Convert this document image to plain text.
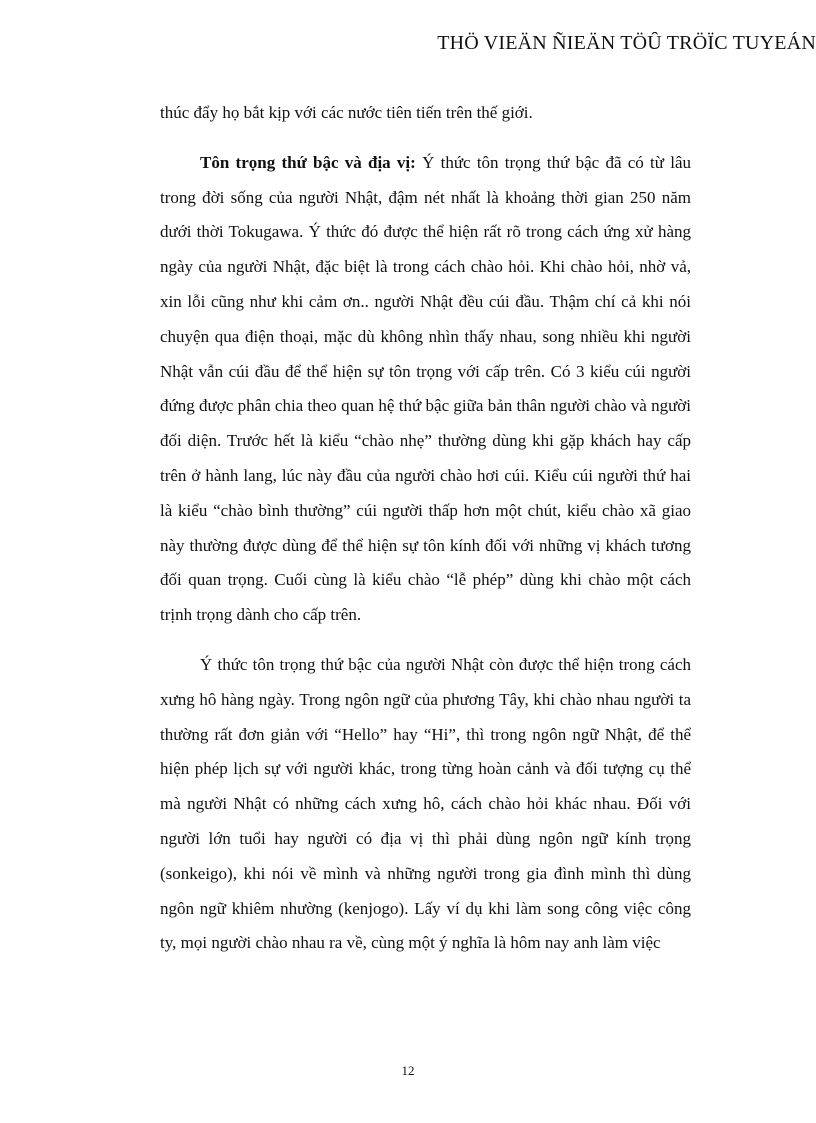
THÖ VIEÄN ÑIEÄN TÖÛ TRÖÏC TUYEÁN

thúc đẩy họ bắt kịp với các nước tiên tiến trên thế giới.

Tôn trọng thứ bậc và địa vị: Ý thức tôn trọng thứ bậc đã có từ lâu trong đời sống của người Nhật, đậm nét nhất là khoảng thời gian 250 năm dưới thời Tokugawa. Ý thức đó được thể hiện rất rõ trong cách ứng xử hàng ngày của người Nhật, đặc biệt là trong cách chào hỏi. Khi chào hỏi, nhờ vả, xin lỗi cũng như khi cảm ơn.. người Nhật đều cúi đầu. Thậm chí cả khi nói chuyện qua điện thoại, mặc dù không nhìn thấy nhau, song nhiều khi người Nhật vẫn cúi đầu để thể hiện sự tôn trọng với cấp trên. Có 3 kiểu cúi người đứng được phân chia theo quan hệ thứ bậc giữa bản thân người chào và người đối diện. Trước hết là kiểu “chào nhẹ” thường dùng khi gặp khách hay cấp trên ở hành lang, lúc này đầu của người chào hơi cúi. Kiểu cúi người thứ hai là kiểu “chào bình thường” cúi người thấp hơn một chút, kiểu chào xã giao này thường được dùng để thể hiện sự tôn kính đối với những vị khách tương đối quan trọng. Cuối cùng là kiểu chào “lễ phép” dùng khi chào một cách trịnh trọng dành cho cấp trên.

Ý thức tôn trọng thứ bậc của người Nhật còn được thể hiện trong cách xưng hô hàng ngày. Trong ngôn ngữ của phương Tây, khi chào nhau người ta thường rất đơn giản với “Hello” hay “Hi”, thì trong ngôn ngữ Nhật, để thể hiện phép lịch sự với người khác, trong từng hoàn cảnh và đối tượng cụ thể mà người Nhật có những cách xưng hô, cách chào hỏi khác nhau. Đối với người lớn tuổi hay người có địa vị thì phải dùng ngôn ngữ kính trọng (sonkeigo), khi nói về mình và những người trong gia đình mình thì dùng ngôn ngữ khiêm nhường (kenjogo). Lấy ví dụ khi làm song công việc công ty, mọi người chào nhau ra về, cùng một ý nghĩa là hôm nay anh làm việc

12
